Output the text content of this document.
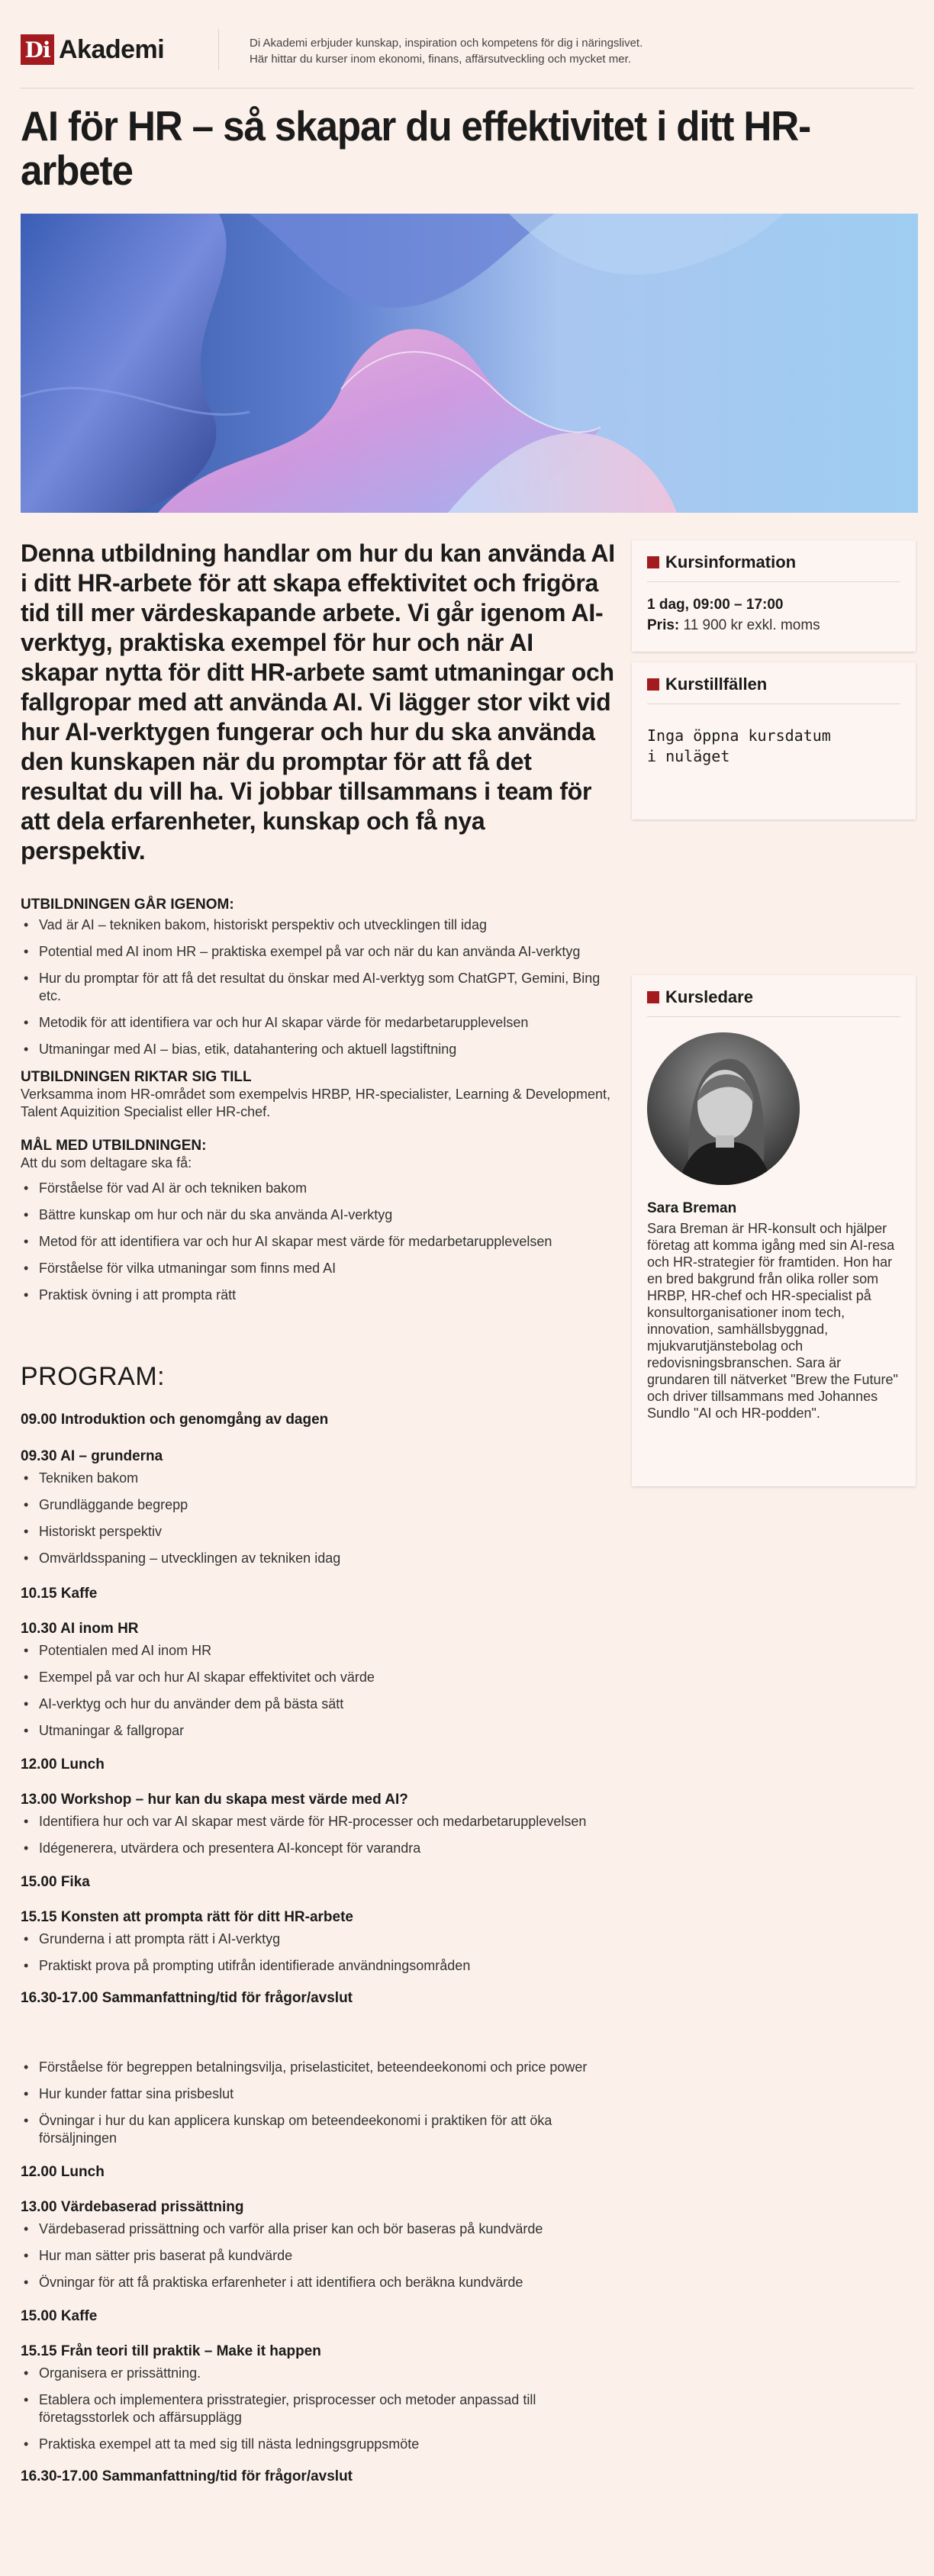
Di Akademi	Di Akademi erbjuder kunskap, inspiration och kompetens för dig i näringslivet.
Här hittar du kurser inom ekonomi, finans, affärsutveckling och mycket mer.
AI för HR – så skapar du effektivitet i ditt HR-arbete

Denna utbildning handlar om hur du kan använda AI i ditt HR-arbete för att skapa effektivitet och frigöra tid till mer värdeskapande arbete. Vi går igenom AI-verktyg, praktiska exempel för hur och när AI skapar nytta för ditt HR-arbete samt utmaningar och fallgropar med att använda AI. Vi lägger stor vikt vid hur AI-verktygen fungerar och hur du ska använda den kunskapen när du promptar för att få det resultat du vill ha. Vi jobbar tillsammans i team för att dela erfarenheter, kunskap och få nya perspektiv.

UTBILDNINGEN GÅR IGENOM:
• Vad är AI – tekniken bakom, historiskt perspektiv och utvecklingen till idag
• Potential med AI inom HR – praktiska exempel på var och när du kan använda AI-verktyg
• Hur du promptar för att få det resultat du önskar med AI-verktyg som ChatGPT, Gemini, Bing etc.
• Metodik för att identifiera var och hur AI skapar värde för medarbetarupplevelsen
• Utmaningar med AI – bias, etik, datahantering och aktuell lagstiftning
UTBILDNINGEN RIKTAR SIG TILL

Verksamma inom HR-området som exempelvis HRBP, HR-specialister, Learning & Development, Talent Aquizition Specialist eller HR-chef.

MÅL MED UTBILDNINGEN:

Att du som deltagare ska få:

• Förståelse för vad AI är och tekniken bakom
• Bättre kunskap om hur och när du ska använda AI-verktyg
• Metod för att identifiera var och hur AI skapar mest värde för medarbetarupplevelsen
• Förståelse för vilka utmaningar som finns med AI
• Praktisk övning i att prompta rätt
PROGRAM:
09.00 Introduktion och genomgång av dagen
09.30 AI – grunderna
• Tekniken bakom
• Grundläggande begrepp
• Historiskt perspektiv
• Omvärldsspaning – utvecklingen av tekniken idag
10.15 Kaffe
10.30 AI inom HR
• Potentialen med AI inom HR
• Exempel på var och hur AI skapar effektivitet och värde
• AI-verktyg och hur du använder dem på bästa sätt
• Utmaningar & fallgropar
12.00 Lunch
13.00 Workshop – hur kan du skapa mest värde med AI?
• Identifiera hur och var AI skapar mest värde för HR-processer och medarbetarupplevelsen
• Idégenerera, utvärdera och presentera AI-koncept för varandra
15.00 Fika
15.15 Konsten att prompta rätt för ditt HR-arbete
• Grunderna i att prompta rätt i AI-verktyg
• Praktiskt prova på prompting utifrån identifierade användningsområden
16.30-17.00 Sammanfattning/tid för frågor/avslut
• Förståelse för begreppen betalningsvilja, priselasticitet, beteendeekonomi och price power
• Hur kunder fattar sina prisbeslut
• Övningar i hur du kan applicera kunskap om beteendeekonomi i praktiken för att öka försäljningen
12.00 Lunch
13.00 Värdebaserad prissättning
• Värdebaserad prissättning och varför alla priser kan och bör baseras på kundvärde
• Hur man sätter pris baserat på kundvärde
• Övningar för att få praktiska erfarenheter i att identifiera och beräkna kundvärde
15.00 Kaffe
15.15 Från teori till praktik – Make it happen
• Organisera er prissättning.
• Etablera och implementera prisstrategier, prisprocesser och metoder anpassad till företagsstorlek och affärsupplägg
• Praktiska exempel att ta med sig till nästa ledningsgruppsmöte
16.30-17.00 Sammanfattning/tid för frågor/avslut
Kursinformation
1 dag, 09:00 – 17:00
Pris: 11 900 kr exkl. moms
Kurstillfällen
Inga öppna kursdatum
i nuläget
Kursledare
Sara Breman
Sara Breman är HR-konsult och hjälper företag att komma igång med sin AI-resa och HR-strategier för framtiden. Hon har en bred bakgrund från olika roller som HRBP, HR-chef och HR-specialist på konsultorganisationer inom tech, innovation, samhällsbyggnad, mjukvarutjänstebolag och redovisningsbranschen. Sara är grundaren till nätverket "Brew the Future" och driver tillsammans med Johannes Sundlo "AI och HR-podden".
